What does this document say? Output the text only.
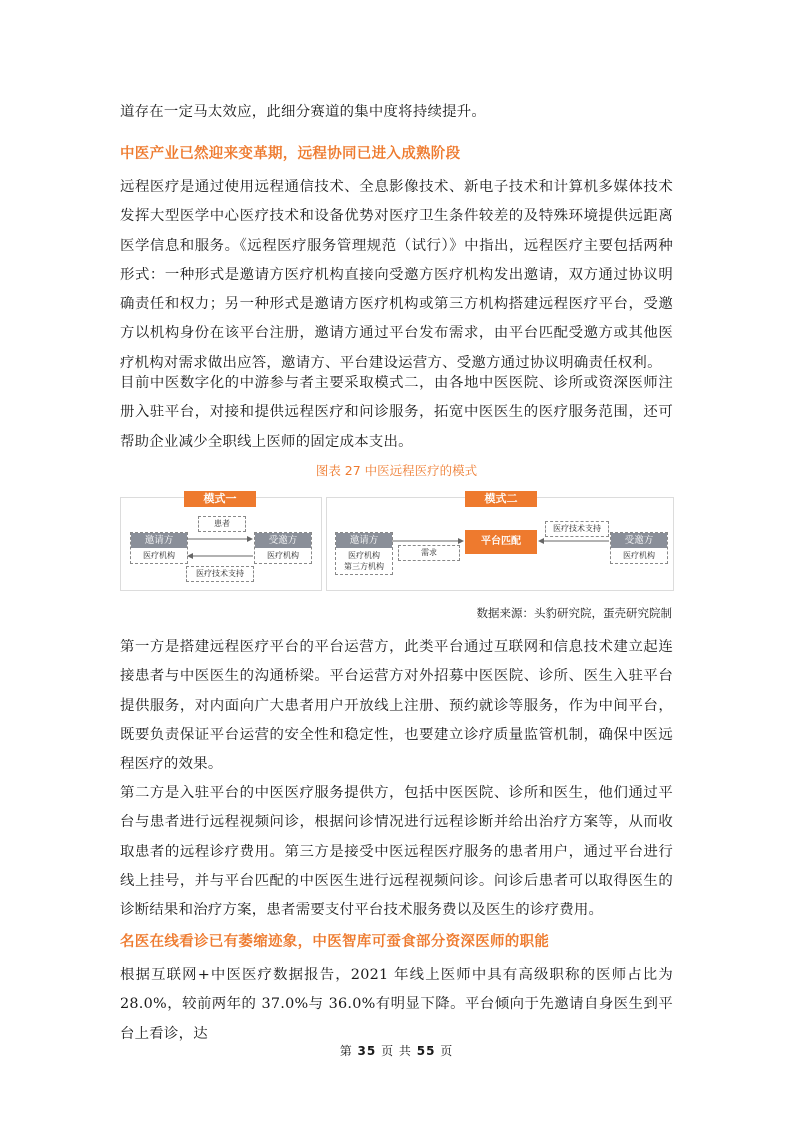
道存在一定马太效应，此细分赛道的集中度将持续提升。

中医产业已然迎来变革期，远程协同已进入成熟阶段

远程医疗是通过使用远程通信技术、全息影像技术、新电子技术和计算机多媒体技术发挥大型医学中心医疗技术和设备优势对医疗卫生条件较差的及特殊环境提供远距离医学信息和服务。《远程医疗服务管理规范（试行）》中指出，远程医疗主要包括两种形式：一种形式是邀请方医疗机构直接向受邀方医疗机构发出邀请，双方通过协议明确责任和权力；另一种形式是邀请方医疗机构或第三方机构搭建远程医疗平台，受邀方以机构身份在该平台注册，邀请方通过平台发布需求，由平台匹配受邀方或其他医疗机构对需求做出应答，邀请方、平台建设运营方、受邀方通过协议明确责任权利。

目前中医数字化的中游参与者主要采取模式二，由各地中医医院、诊所或资深医师注册入驻平台，对接和提供远程医疗和问诊服务，拓宽中医医生的医疗服务范围，还可帮助企业减少全职线上医师的固定成本支出。

图表 27 中医远程医疗的模式
模式一
邀请方
医疗机构
受邀方
医疗机构
患者
医疗技术支持
模式二
邀请方
医疗机构
第三方机构
需求
平台匹配
医疗技术支持
受邀方
医疗机构
数据来源：头豹研究院，蛋壳研究院制

第一方是搭建远程医疗平台的平台运营方，此类平台通过互联网和信息技术建立起连接患者与中医医生的沟通桥梁。平台运营方对外招募中医医院、诊所、医生入驻平台提供服务，对内面向广大患者用户开放线上注册、预约就诊等服务，作为中间平台，既要负责保证平台运营的安全性和稳定性，也要建立诊疗质量监管机制，确保中医远程医疗的效果。

第二方是入驻平台的中医医疗服务提供方，包括中医医院、诊所和医生，他们通过平台与患者进行远程视频问诊，根据问诊情况进行远程诊断并给出治疗方案等，从而收取患者的远程诊疗费用。第三方是接受中医远程医疗服务的患者用户，通过平台进行线上挂号，并与平台匹配的中医医生进行远程视频问诊。问诊后患者可以取得医生的诊断结果和治疗方案，患者需要支付平台技术服务费以及医生的诊疗费用。

名医在线看诊已有萎缩迹象，中医智库可蚕食部分资深医师的职能

根据互联网+中医医疗数据报告，2021 年线上医师中具有高级职称的医师占比为 28.0%，较前两年的 37.0%与 36.0%有明显下降。平台倾向于先邀请自身医生到平台上看诊，达

第 35 页 共 55 页
